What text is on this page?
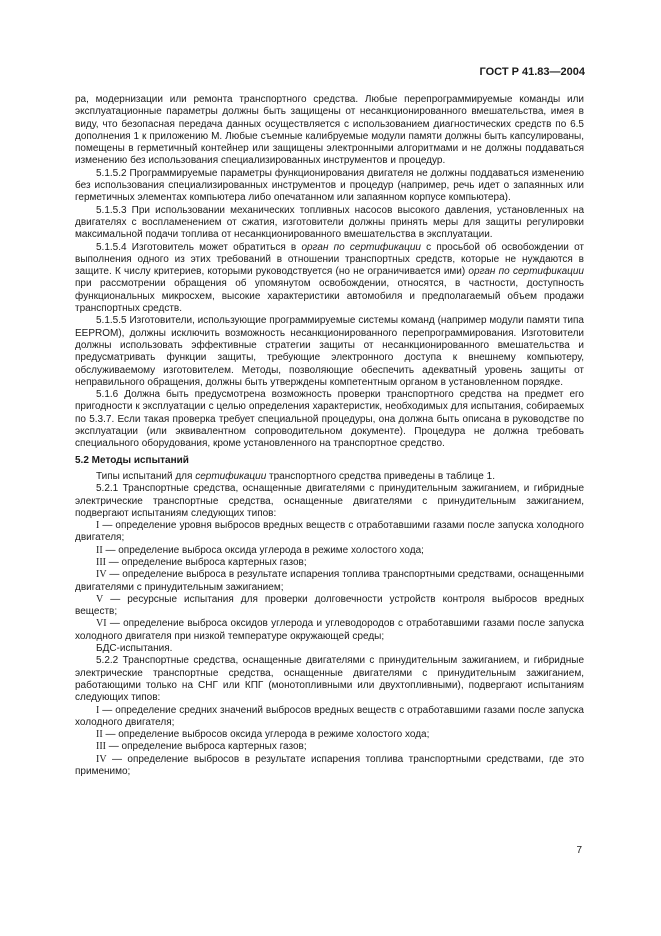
ГОСТ Р 41.83—2004

ра, модернизации или ремонта транспортного средства. Любые перепрограммируемые команды или эксплуатационные параметры должны быть защищены от несанкционированного вмешательства, имея в виду, что безопасная передача данных осуществляется с использованием диагностических средств по 6.5 дополнения 1 к приложению М. Любые съемные калибруемые модули памяти должны быть капсулированы, помещены в герметичный контейнер или защищены электронными алгоритмами и не должны поддаваться изменению без использования специализированных инструментов и процедур.

5.1.5.2 Программируемые параметры функционирования двигателя не должны поддаваться изменению без использования специализированных инструментов и процедур (например, речь идет о запаянных или герметичных элементах компьютера либо опечатанном или запаянном корпусе компьютера).

5.1.5.3 При использовании механических топливных насосов высокого давления, установленных на двигателях с воспламенением от сжатия, изготовители должны принять меры для защиты регулировки максимальной подачи топлива от несанкционированного вмешательства в эксплуатации.

5.1.5.4 Изготовитель может обратиться в орган по сертификации с просьбой об освобождении от выполнения одного из этих требований в отношении транспортных средств, которые не нуждаются в защите. К числу критериев, которыми руководствуется (но не ограничивается ими) орган по сертификации при рассмотрении обращения об упомянутом освобождении, относятся, в частности, доступность функциональных микросхем, высокие характеристики автомобиля и предполагаемый объем продажи транспортных средств.

5.1.5.5 Изготовители, использующие программируемые системы команд (например модули памяти типа EEPROM), должны исключить возможность несанкционированного перепрограммирования. Изготовители должны использовать эффективные стратегии защиты от несанкционированного вмешательства и предусматривать функции защиты, требующие электронного доступа к внешнему компьютеру, обслуживаемому изготовителем. Методы, позволяющие обеспечить адекватный уровень защиты от неправильного обращения, должны быть утверждены компетентным органом в установленном порядке.

5.1.6 Должна быть предусмотрена возможность проверки транспортного средства на предмет его пригодности к эксплуатации с целью определения характеристик, необходимых для испытания, собираемых по 5.3.7. Если такая проверка требует специальной процедуры, она должна быть описана в руководстве по эксплуатации (или эквивалентном сопроводительном документе). Процедура не должна требовать специального оборудования, кроме установленного на транспортное средство.

5.2 Методы испытаний

Типы испытаний для сертификации транспортного средства приведены в таблице 1.

5.2.1 Транспортные средства, оснащенные двигателями с принудительным зажиганием, и гибридные электрические транспортные средства, оснащенные двигателями с принудительным зажиганием, подвергают испытаниям следующих типов:

I — определение уровня выбросов вредных веществ с отработавшими газами после запуска холодного двигателя;

II — определение выброса оксида углерода в режиме холостого хода;

III — определение выброса картерных газов;

IV — определение выброса в результате испарения топлива транспортными средствами, оснащенными двигателями с принудительным зажиганием;

V — ресурсные испытания для проверки долговечности устройств контроля выбросов вредных веществ;

VI — определение выброса оксидов углерода и углеводородов с отработавшими газами после запуска холодного двигателя при низкой температуре окружающей среды;

БДС-испытания.

5.2.2 Транспортные средства, оснащенные двигателями с принудительным зажиганием, и гибридные электрические транспортные средства, оснащенные двигателями с принудительным зажиганием, работающими только на СНГ или КПГ (монотопливными или двухтопливными), подвергают испытаниям следующих типов:

I — определение средних значений выбросов вредных веществ с отработавшими газами после запуска холодного двигателя;

II — определение выбросов оксида углерода в режиме холостого хода;

III — определение выброса картерных газов;

IV — определение выбросов в результате испарения топлива транспортными средствами, где это применимо;

7
